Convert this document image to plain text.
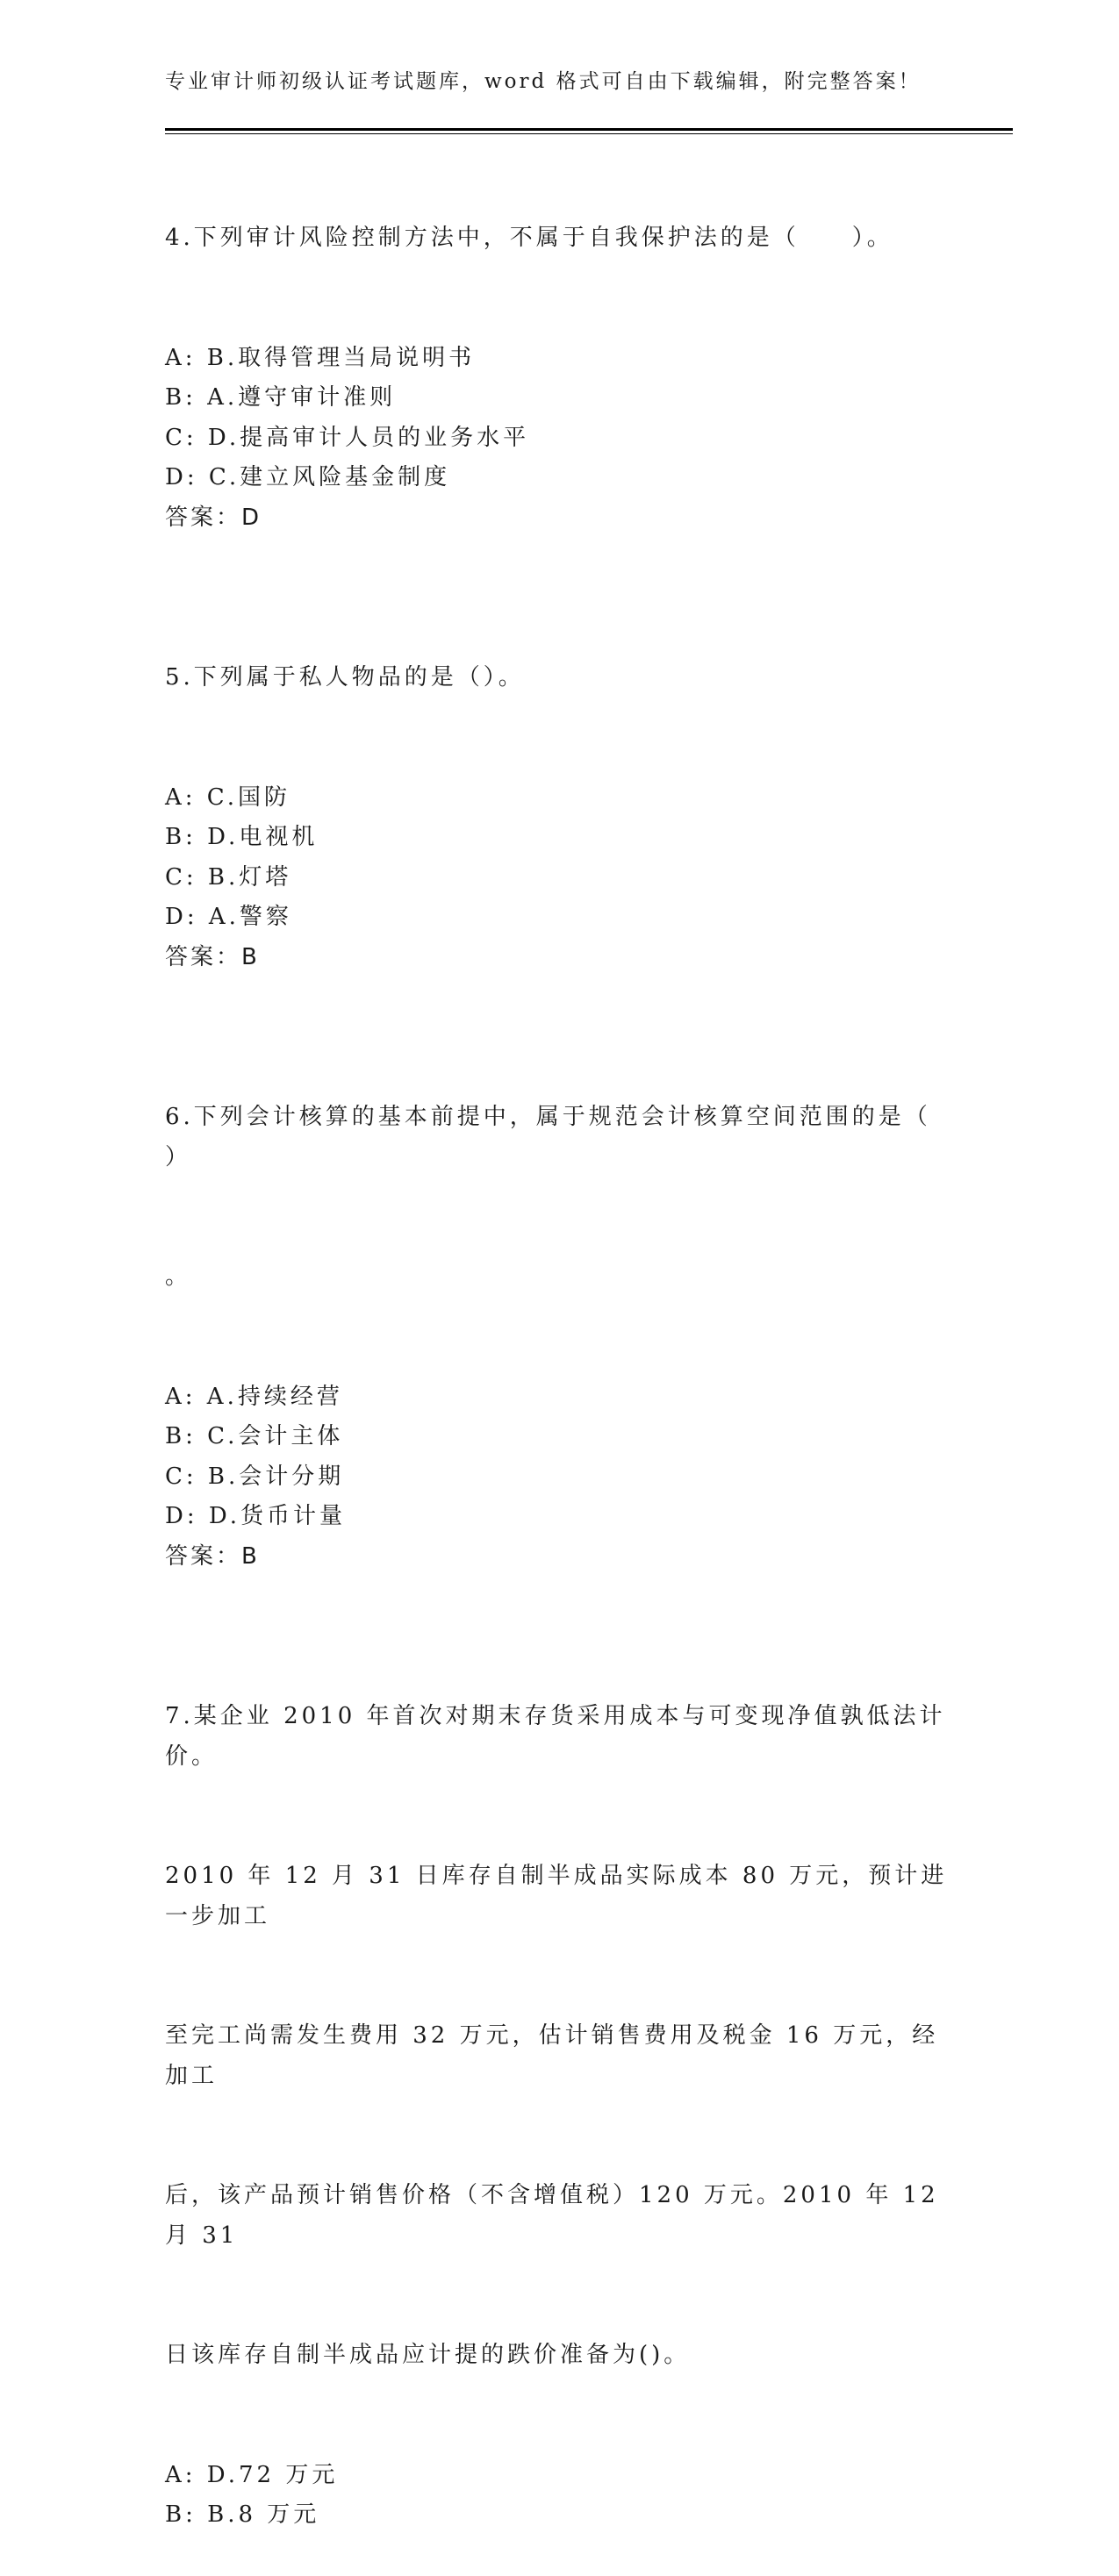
专业审计师初级认证考试题库，word 格式可自由下载编辑，附完整答案！

4.下列审计风险控制方法中，不属于自我保护法的是（　　）。

A: B.取得管理当局说明书
B: A.遵守审计准则
C: D.提高审计人员的业务水平
D: C.建立风险基金制度
答案：D

5.下列属于私人物品的是（）。

A: C.国防
B: D.电视机
C: B.灯塔
D: A.警察
答案：B

6.下列会计核算的基本前提中，属于规范会计核算空间范围的是（ ）

。

A: A.持续经营
B: C.会计主体
C: B.会计分期
D: D.货币计量
答案：B

7.某企业 2010 年首次对期末存货采用成本与可变现净值孰低法计价。

2010 年 12 月 31 日库存自制半成品实际成本 80 万元，预计进一步加工

至完工尚需发生费用 32 万元，估计销售费用及税金 16 万元，经加工

后，该产品预计销售价格（不含增值税）120 万元。2010 年 12 月 31

日该库存自制半成品应计提的跌价准备为()。

A: D.72 万元
B: B.8 万元
